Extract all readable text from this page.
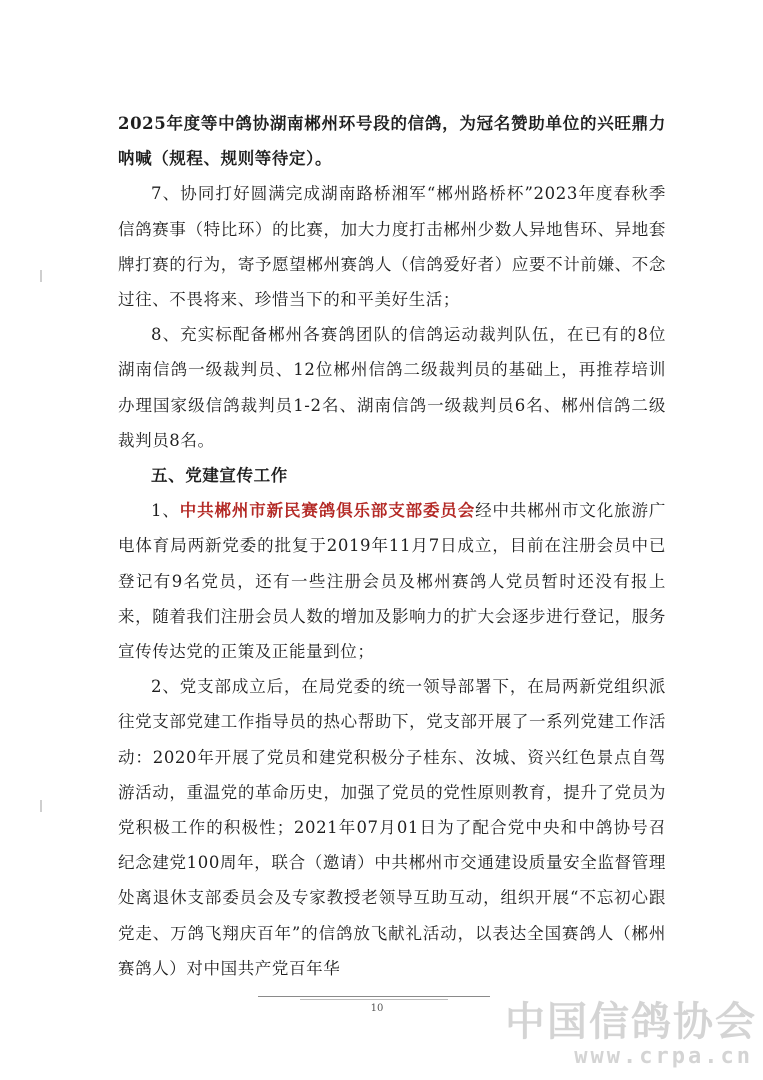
2025年度等中鸽协湖南郴州环号段的信鸽，为冠名赞助单位的兴旺鼎力呐喊（规程、规则等待定）。

7、协同打好圆满完成湖南路桥湘军“郴州路桥杯”2023年度春秋季信鸽赛事（特比环）的比赛，加大力度打击郴州少数人异地售环、异地套牌打赛的行为，寄予愿望郴州赛鸽人（信鸽爱好者）应要不计前嫌、不念过往、不畏将来、珍惜当下的和平美好生活；

8、充实标配备郴州各赛鸽团队的信鸽运动裁判队伍，在已有的8位湖南信鸽一级裁判员、12位郴州信鸽二级裁判员的基础上，再推荐培训办理国家级信鸽裁判员1-2名、湖南信鸽一级裁判员6名、郴州信鸽二级裁判员8名。

五、党建宣传工作

1、中共郴州市新民赛鸽俱乐部支部委员会经中共郴州市文化旅游广电体育局两新党委的批复于2019年11月7日成立，目前在注册会员中已登记有9名党员，还有一些注册会员及郴州赛鸽人党员暂时还没有报上来，随着我们注册会员人数的增加及影响力的扩大会逐步进行登记，服务宣传传达党的正策及正能量到位；

2、党支部成立后，在局党委的统一领导部署下，在局两新党组织派往党支部党建工作指导员的热心帮助下，党支部开展了一系列党建工作活动：2020年开展了党员和建党积极分子桂东、汝城、资兴红色景点自驾游活动，重温党的革命历史，加强了党员的党性原则教育，提升了党员为党积极工作的积极性；2021年07月01日为了配合党中央和中鸽协号召纪念建党100周年，联合（邀请）中共郴州市交通建设质量安全监督管理处离退休支部委员会及专家教授老领导互助互动，组织开展“不忘初心跟党走、万鸽飞翔庆百年”的信鸽放飞献礼活动，以表达全国赛鸽人（郴州赛鸽人）对中国共产党百年华

10	中国信鸽协会
www.crpa.cn
